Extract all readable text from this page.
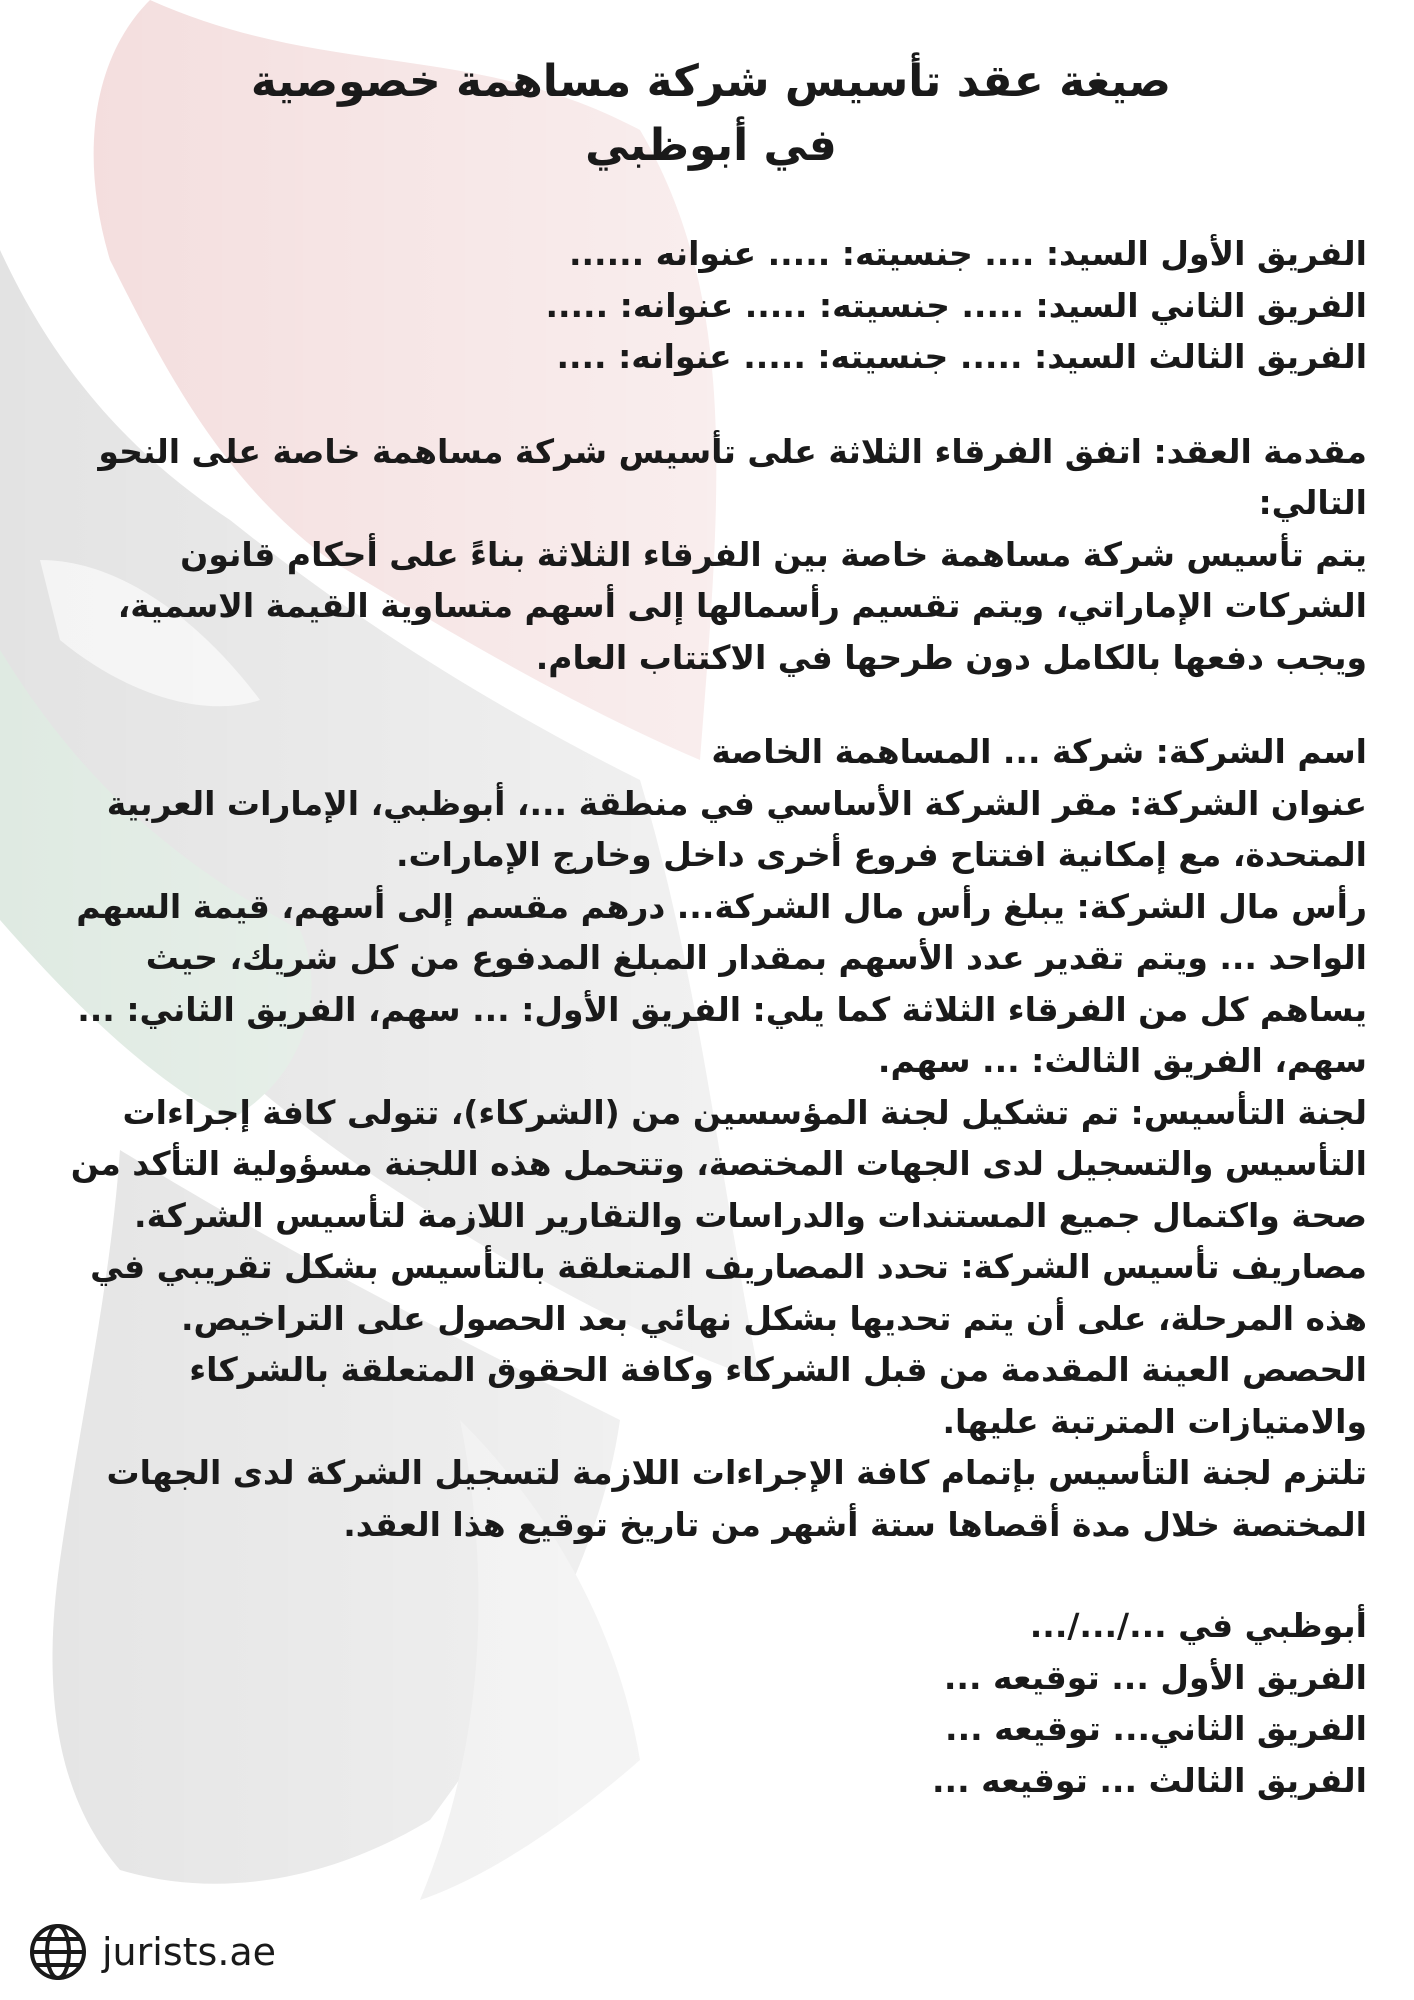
صيغة عقد تأسيس شركة مساهمة خصوصية
في أبوظبي

الفريق الأول السيد: .... جنسيته: ..... عنوانه ......

الفريق الثاني السيد: ..... جنسيته: ..... عنوانه: .....

الفريق الثالث السيد: ..... جنسيته: ..... عنوانه: ....

مقدمة العقد: اتفق الفرقاء الثلاثة على تأسيس شركة مساهمة خاصة على النحو التالي:

يتم تأسيس شركة مساهمة خاصة بين الفرقاء الثلاثة بناءً على أحكام قانون الشركات الإماراتي، ويتم تقسيم رأسمالها إلى أسهم متساوية القيمة الاسمية، ويجب دفعها بالكامل دون طرحها في الاكتتاب العام.

اسم الشركة: شركة ... المساهمة الخاصة

عنوان الشركة: مقر الشركة الأساسي في منطقة ...، أبوظبي، الإمارات العربية المتحدة، مع إمكانية افتتاح فروع أخرى داخل وخارج الإمارات.

رأس مال الشركة: يبلغ رأس مال الشركة... درهم مقسم إلى أسهم، قيمة السهم الواحد ... ويتم تقدير عدد الأسهم بمقدار المبلغ المدفوع من كل شريك، حيث يساهم كل من الفرقاء الثلاثة كما يلي: الفريق الأول: ... سهم، الفريق الثاني: ... سهم، الفريق الثالث: ... سهم.

لجنة التأسيس: تم تشكيل لجنة المؤسسين من (الشركاء)، تتولى كافة إجراءات التأسيس والتسجيل لدى الجهات المختصة، وتتحمل هذه اللجنة مسؤولية التأكد من صحة واكتمال جميع المستندات والدراسات والتقارير اللازمة لتأسيس الشركة.

مصاريف تأسيس الشركة: تحدد المصاريف المتعلقة بالتأسيس بشكل تقريبي في هذه المرحلة، على أن يتم تحديها بشكل نهائي بعد الحصول على التراخيص.

الحصص العينة المقدمة من قبل الشركاء وكافة الحقوق المتعلقة بالشركاء والامتيازات المترتبة عليها.

تلتزم لجنة التأسيس بإتمام كافة الإجراءات اللازمة لتسجيل الشركة لدى الجهات المختصة خلال مدة أقصاها ستة أشهر من تاريخ توقيع هذا العقد.

أبوظبي في .../.../...

الفريق الأول ... توقيعه ...

الفريق الثاني... توقيعه ...

الفريق الثالث ... توقيعه ...

jurists.ae
